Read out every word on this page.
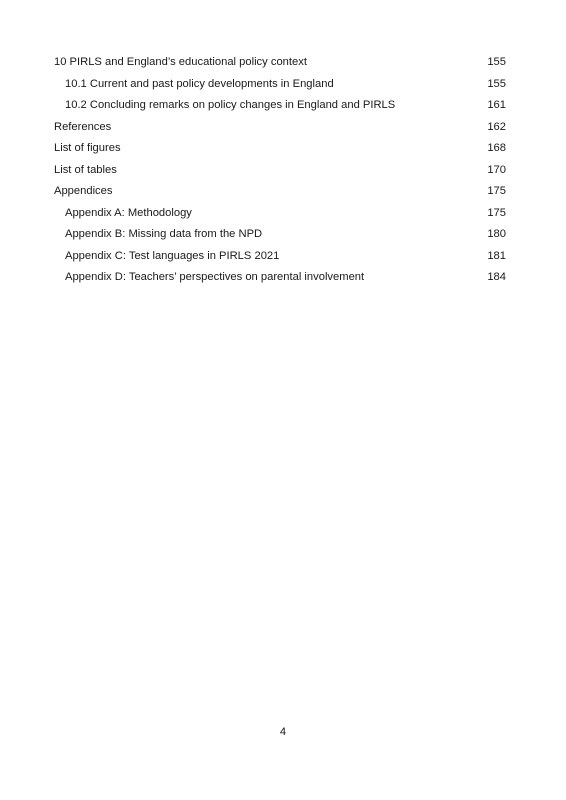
10 PIRLS and England’s educational policy context	155
10.1 Current and past policy developments in England	155
10.2 Concluding remarks on policy changes in England and PIRLS	161
References	162
List of figures	168
List of tables	170
Appendices	175
Appendix A: Methodology	175
Appendix B: Missing data from the NPD	180
Appendix C: Test languages in PIRLS 2021	181
Appendix D: Teachers’ perspectives on parental involvement	184
4
